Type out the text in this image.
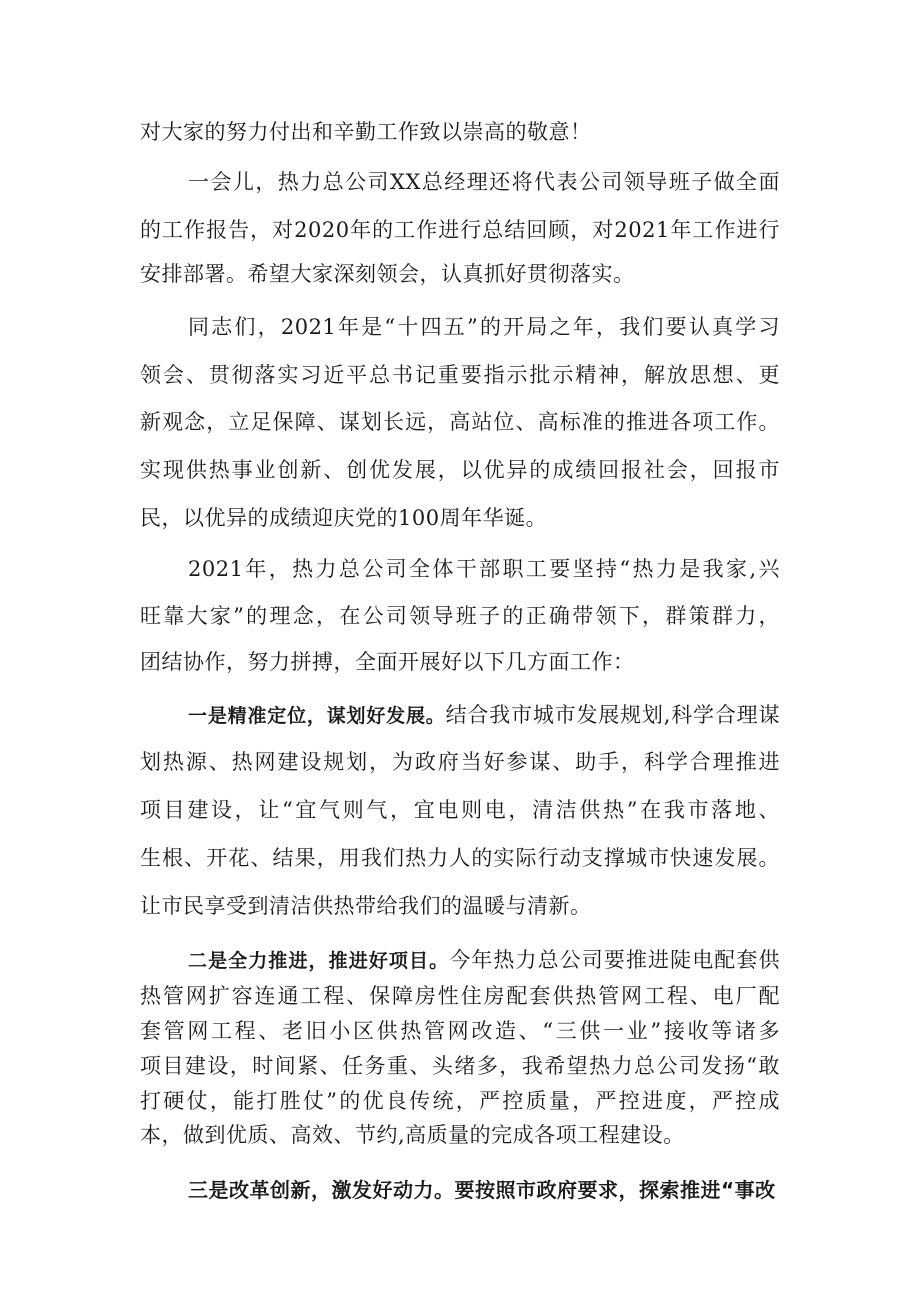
对大家的努力付出和辛勤工作致以崇高的敬意！
一会儿，热力总公司XX总经理还将代表公司领导班子做全面
的工作报告，对2020年的工作进行总结回顾，对2021年工作进行
安排部署。希望大家深刻领会，认真抓好贯彻落实。
同志们，2021年是“十四五”的开局之年，我们要认真学习
领会、贯彻落实习近平总书记重要指示批示精神，解放思想、更
新观念，立足保障、谋划长远，高站位、高标准的推进各项工作。
实现供热事业创新、创优发展，以优异的成绩回报社会，回报市
民，以优异的成绩迎庆党的100周年华诞。
2021年，热力总公司全体干部职工要坚持“热力是我家,兴
旺靠大家”的理念，在公司领导班子的正确带领下，群策群力，
团结协作，努力拼搏，全面开展好以下几方面工作：
一是精准定位，谋划好发展。结合我市城市发展规划,科学合理谋
划热源、热网建设规划，为政府当好参谋、助手，科学合理推进
项目建设，让“宜气则气，宜电则电，清洁供热”在我市落地、
生根、开花、结果，用我们热力人的实际行动支撑城市快速发展。
让市民享受到清洁供热带给我们的温暖与清新。
二是全力推进，推进好项目。今年热力总公司要推进陡电配套供
热管网扩容连通工程、保障房性住房配套供热管网工程、电厂配
套管网工程、老旧小区供热管网改造、“三供一业”接收等诸多
项目建设，时间紧、任务重、头绪多，我希望热力总公司发扬“敢
打硬仗，能打胜仗”的优良传统，严控质量，严控进度，严控成
本，做到优质、高效、节约,高质量的完成各项工程建设。
三是改革创新，激发好动力。要按照市政府要求，探索推进“事改
